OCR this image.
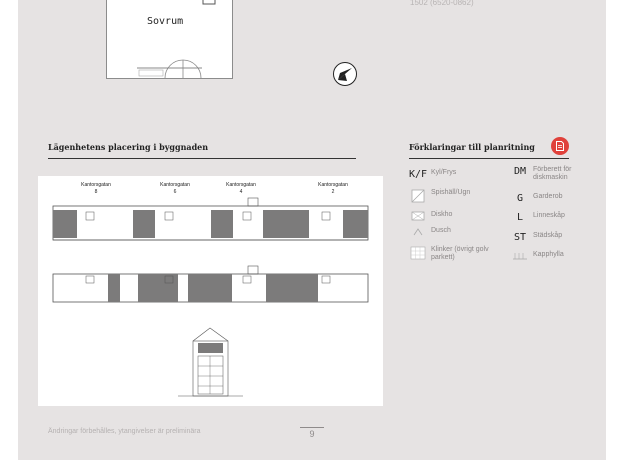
Sovrum
1502 (6520-0862)
Lägenhetens placering i byggnaden	Förklaringar till planritning
Kantorsgatan
8
Kantorsgatan
6
Kantorsgatan
4
Kantorsgatan
2
K/F Kyl/Frys
Spishäll/Ugn
Diskho
Dusch
Klinker (övrigt golv parkett)
DM Förberett för diskmaskin
G	Garderob
L	Linneskåp
ST Städskåp
Kapphylla
Ändringar förbehålles, ytangivelser är preliminära	9
